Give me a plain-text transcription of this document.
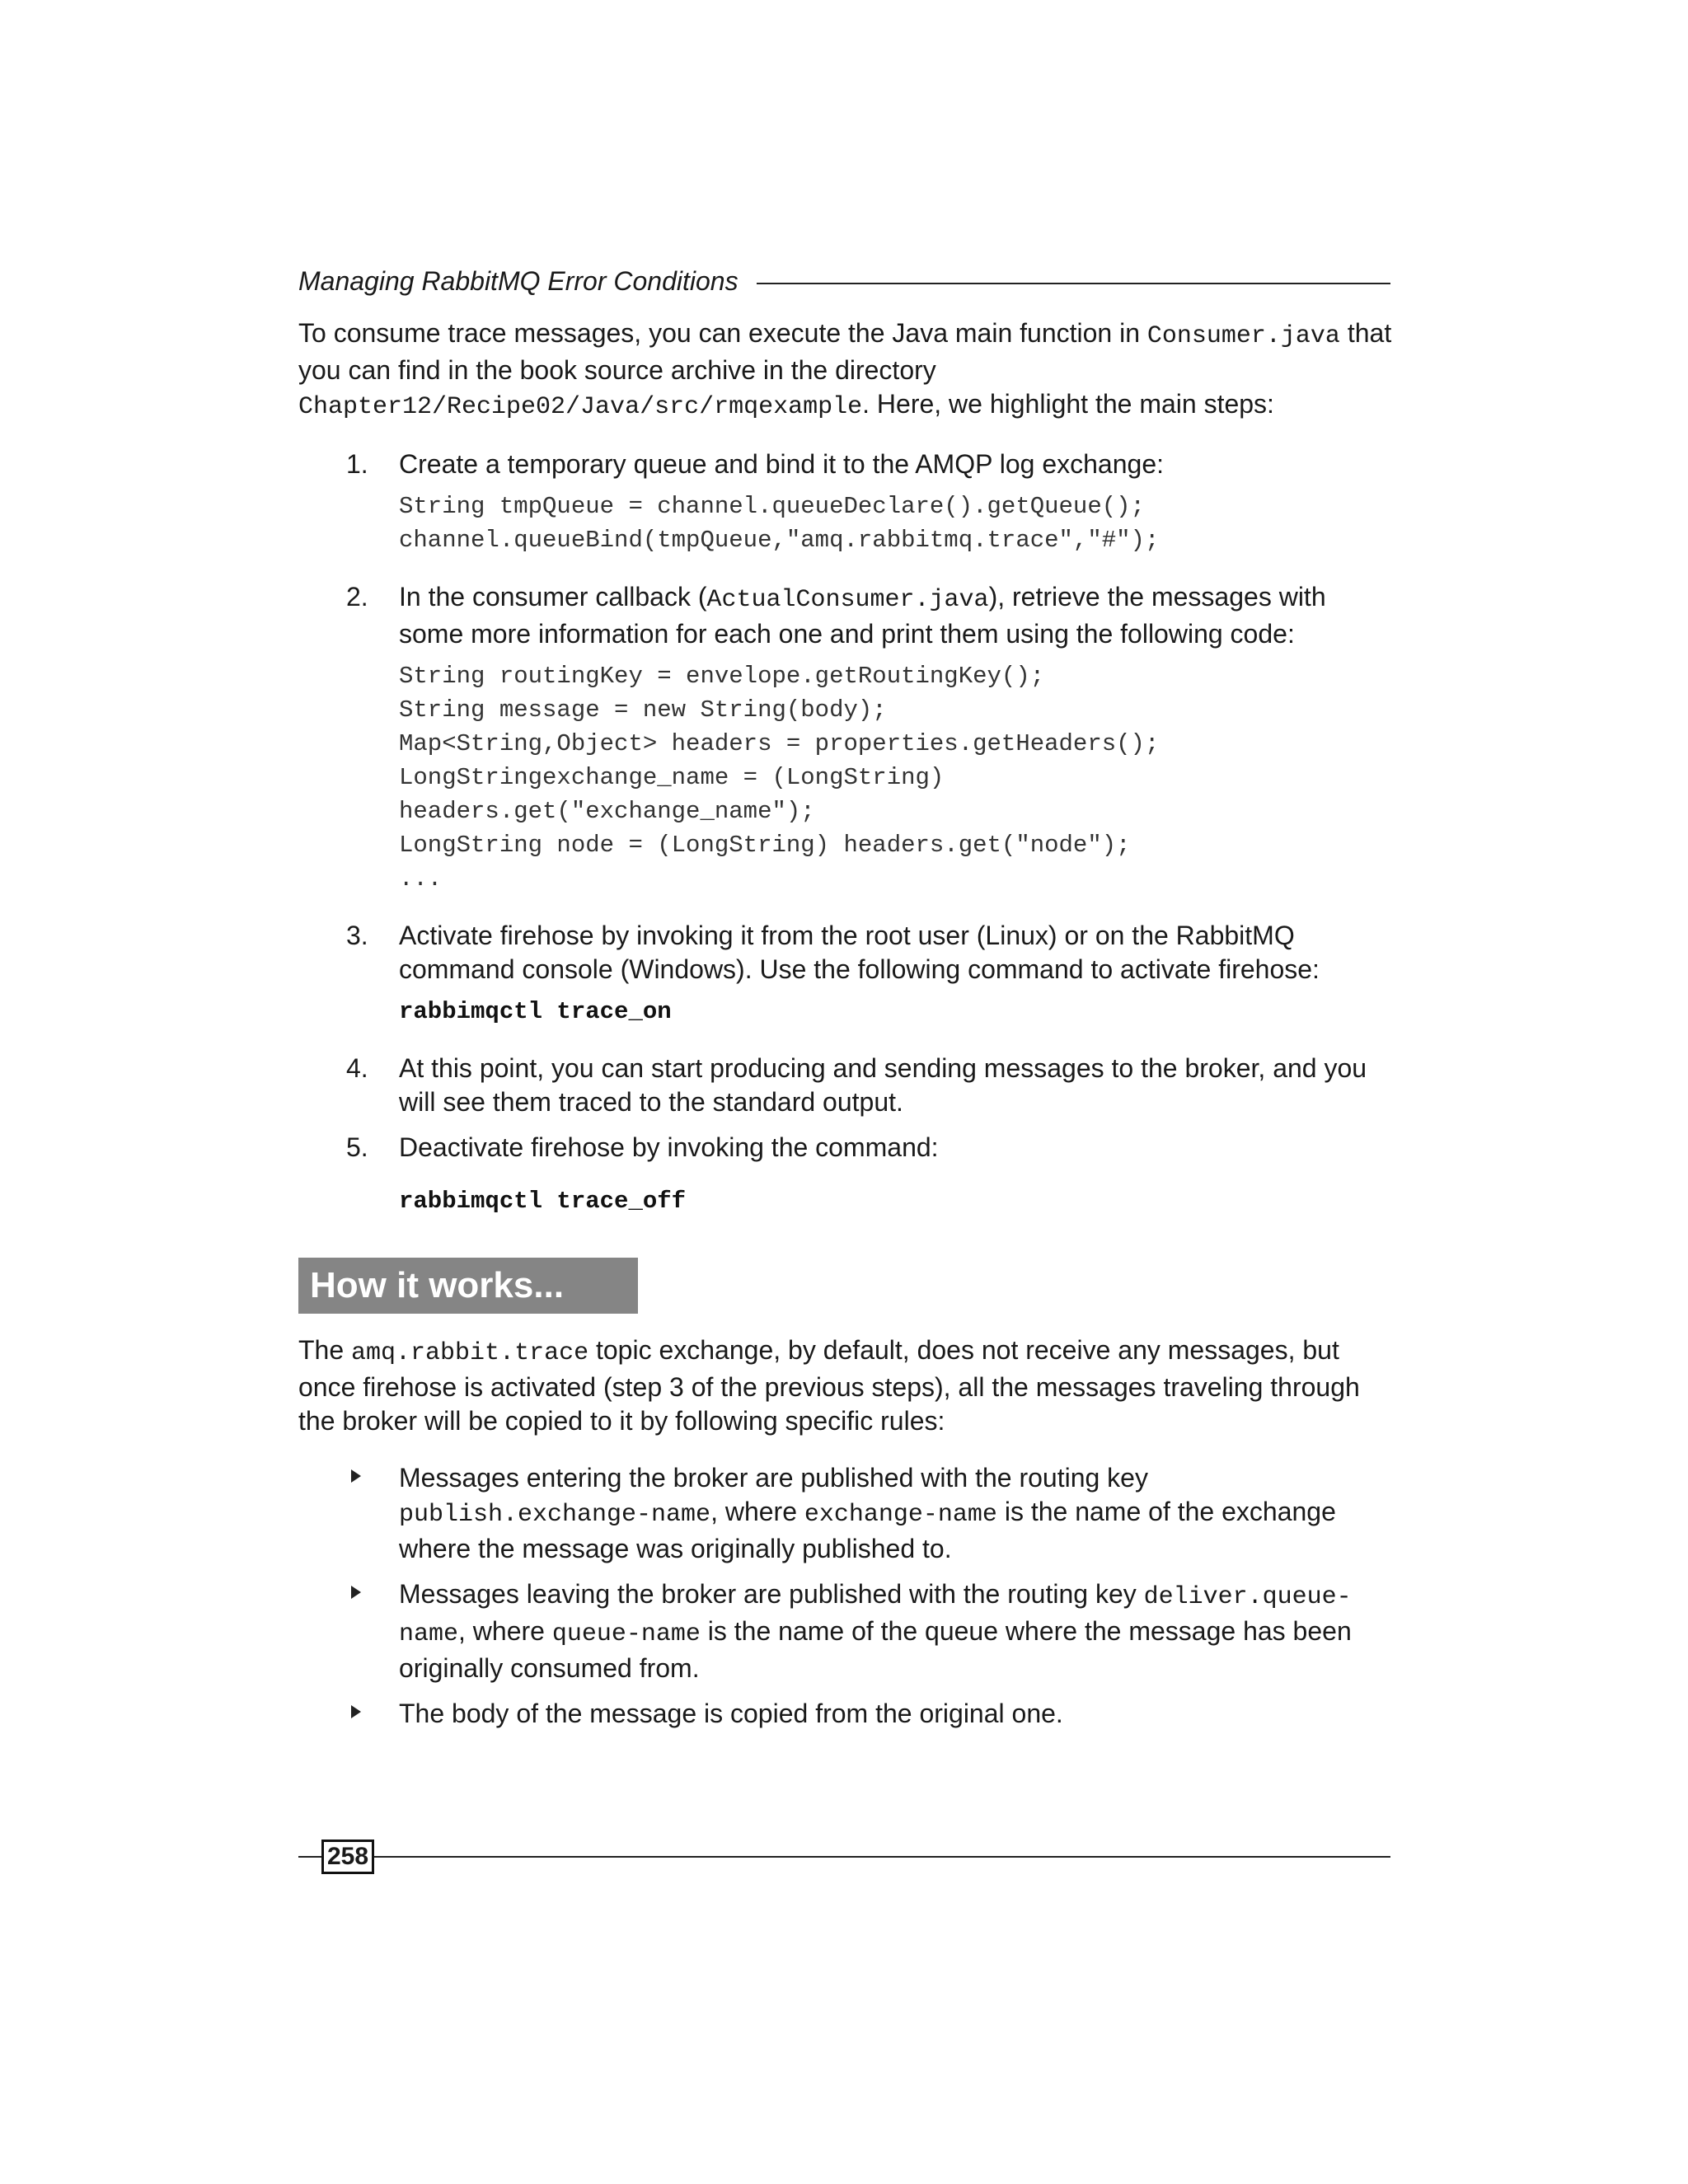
Managing RabbitMQ Error Conditions

To consume trace messages, you can execute the Java main function in Consumer.java that you can find in the book source archive in the directory Chapter12/Recipe02/Java/src/rmqexample. Here, we highlight the main steps:

1. Create a temporary queue and bind it to the AMQP log exchange:

String tmpQueue = channel.queueDeclare().getQueue();
channel.queueBind(tmpQueue,"amq.rabbitmq.trace","#");
2. In the consumer callback (ActualConsumer.java), retrieve the messages with some more information for each one and print them using the following code:

String routingKey = envelope.getRoutingKey();
String message = new String(body);
Map<String,Object> headers = properties.getHeaders();
LongStringexchange_name = (LongString)
headers.get("exchange_name");
LongString node = (LongString) headers.get("node");
...
3. Activate firehose by invoking it from the root user (Linux) or on the RabbitMQ command console (Windows). Use the following command to activate firehose:

rabbimqctl trace_on
4. At this point, you can start producing and sending messages to the broker, and you will see them traced to the standard output.

5. Deactivate firehose by invoking the command:

rabbimqctl trace_off
How it works...

The amq.rabbit.trace topic exchange, by default, does not receive any messages, but once firehose is activated (step 3 of the previous steps), all the messages traveling through the broker will be copied to it by following specific rules:

Messages entering the broker are published with the routing key publish.exchange-name, where exchange-name is the name of the exchange where the message was originally published to.

Messages leaving the broker are published with the routing key deliver.queue-name, where queue-name is the name of the queue where the message has been originally consumed from.

The body of the message is copied from the original one.

258
